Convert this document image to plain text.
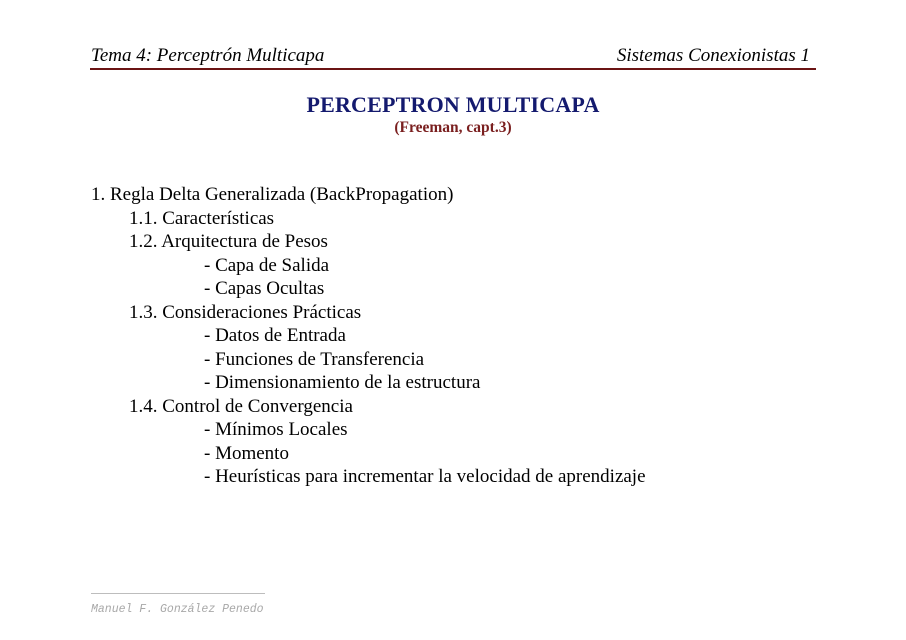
Tema 4: Perceptrón Multicapa	Sistemas Conexionistas 1
PERCEPTRON MULTICAPA
(Freeman, capt.3)
1. Regla Delta Generalizada (BackPropagation)
1.1. Características
1.2. Arquitectura de Pesos
- Capa de Salida
- Capas Ocultas
1.3. Consideraciones Prácticas
- Datos de Entrada
- Funciones de Transferencia
- Dimensionamiento de la estructura
1.4. Control de Convergencia
- Mínimos Locales
- Momento
- Heurísticas para incrementar la velocidad de aprendizaje
Manuel F. González Penedo
